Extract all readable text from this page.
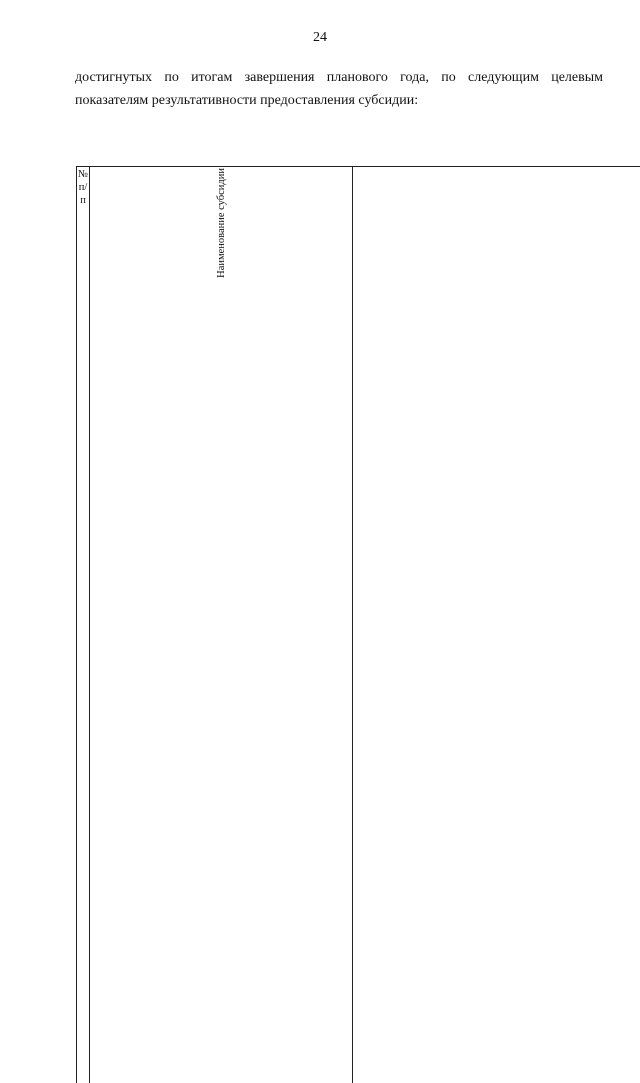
24
достигнутых по итогам завершения планового года, по следующим целевым показателям результативности предоставления субсидии:
№ п/п	Наименование субсидии
